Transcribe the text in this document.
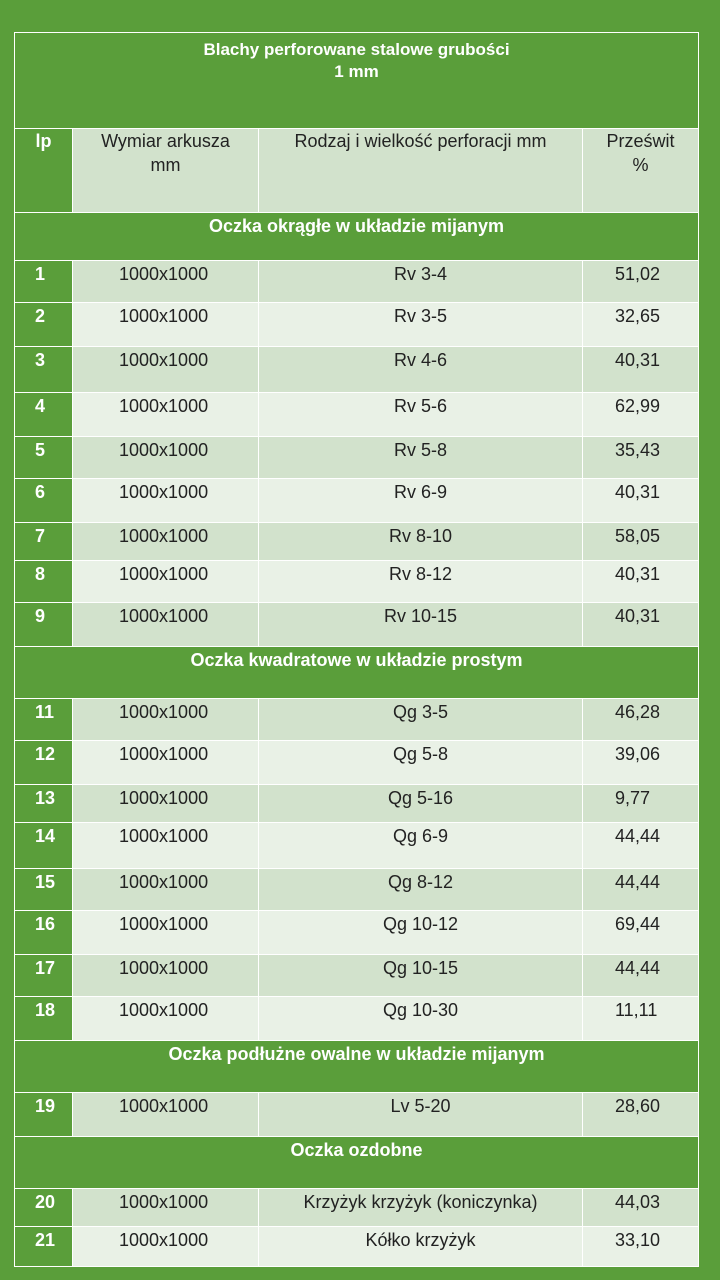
Blachy perforowane stalowe grubości
1 mm			

lp	Wymiar arkusza mm	Rodzaj i wielkość perforacji mm	Prześwit %

Oczka okrągłe w układzie mijanym			
1	1000x1000	Rv 3-4	51,02
2	1000x1000	Rv 3-5	32,65
3	1000x1000	Rv 4-6	40,31
4	1000x1000	Rv 5-6	62,99
5	1000x1000	Rv 5-8	35,43
6	1000x1000	Rv 6-9	40,31
7	1000x1000	Rv 8-10	58,05
8	1000x1000	Rv 8-12	40,31
9	1000x1000	Rv 10-15	40,31
Oczka kwadratowe w układzie prostym			
11	1000x1000	Qg 3-5	46,28
12	1000x1000	Qg 5-8	39,06
13	1000x1000	Qg 5-16	9,77
14	1000x1000	Qg 6-9	44,44
15	1000x1000	Qg 8-12	44,44
16	1000x1000	Qg 10-12	69,44
17	1000x1000	Qg 10-15	44,44
18	1000x1000	Qg 10-30	11,11
Oczka podłużne owalne w układzie mijanym			
19	1000x1000	Lv 5-20	28,60
Oczka ozdobne			
20	1000x1000	Krzyżyk krzyżyk (koniczynka)	44,03
21	1000x1000	Kółko krzyżyk	33,10
